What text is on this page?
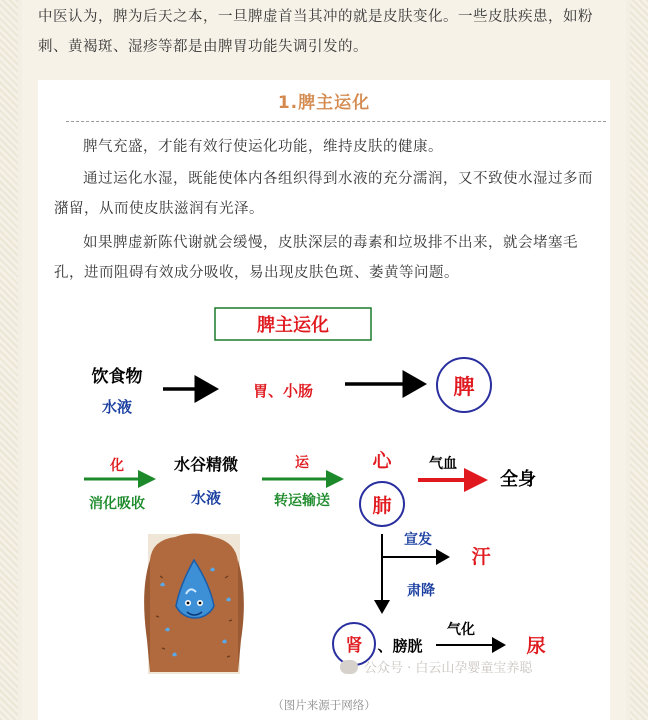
中医认为，脾为后天之本，一旦脾虚首当其冲的就是皮肤变化。一些皮肤疾患，如粉刺、黄褐斑、湿疹等都是由脾胃功能失调引发的。
1.脾主运化
脾气充盛，才能有效行使运化功能，维持皮肤的健康。
通过运化水湿，既能使体内各组织得到水液的充分濡润，又不致使水湿过多而潴留，从而使皮肤滋润有光泽。
如果脾虚新陈代谢就会缓慢，皮肤深层的毒素和垃圾排不出来，就会堵塞毛孔，进而阻碍有效成分吸收，易出现皮肤色斑、萎黄等问题。
脾主运化
饮食物
水液
胃、小肠	脾
化
消化吸收
水谷精微
水液
运
转运输送
心
肺
气血
全身
宣发
汗
肃降
肾 、膀胱
气化
尿
公众号 · 白云山孕婴童宝养聪
（图片来源于网络）
